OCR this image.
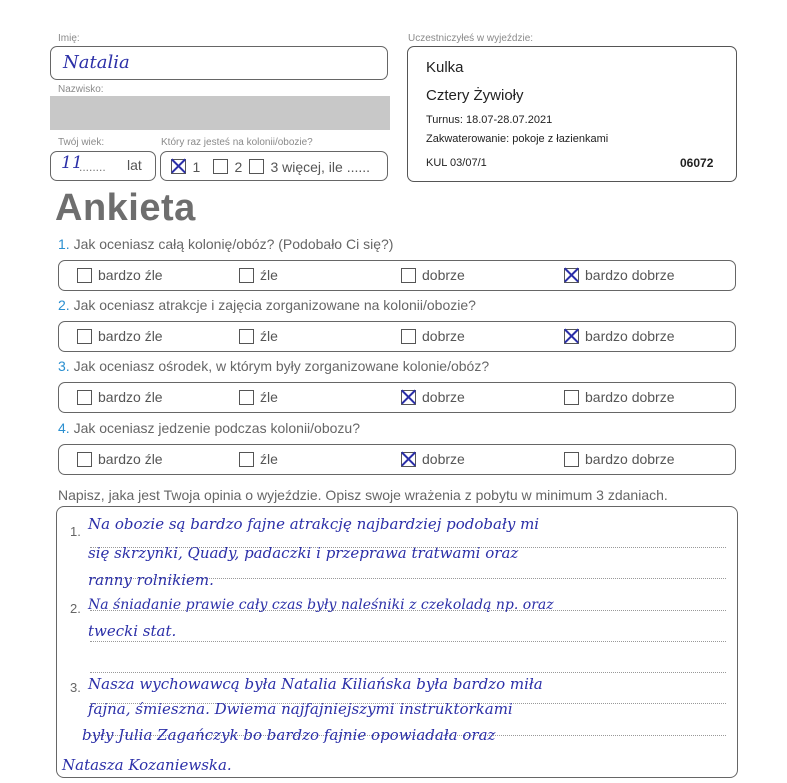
Imię:
Natalia
Nazwisko:
Twój wiek:
11
........ lat
Który raz jesteś na kolonii/obozie?
1	2	3 więcej, ile ......
Uczestniczyłeś w wyjeździe:
Kulka
Cztery Żywioły
Turnus: 18.07-28.07.2021
Zakwaterowanie: pokoje z łazienkami
KUL 03/07/1	06072
Ankieta
1. Jak oceniasz całą kolonię/obóz? (Podobało Ci się?)
bardzo źle	źle	dobrze	bardzo dobrze
2. Jak oceniasz atrakcje i zajęcia zorganizowane na kolonii/obozie?
bardzo źle	źle	dobrze	bardzo dobrze
3. Jak oceniasz ośrodek, w którym były zorganizowane kolonie/obóz?
bardzo źle	źle	dobrze	bardzo dobrze
4. Jak oceniasz jedzenie podczas kolonii/obozu?
bardzo źle	źle	dobrze	bardzo dobrze
Napisz, jaka jest Twoja opinia o wyjeździe. Opisz swoje wrażenia z pobytu w minimum 3 zdaniach.
1.
2.
3.
Na obozie są bardzo fajne atrakcję najbardziej podobały mi
się skrzynki, Quady, padaczki i przeprawa tratwami oraz
ranny rolnikiem.
Na śniadanie prawie cały czas były naleśniki z czekoladą np. oraz
twecki stat.
Nasza wychowawcą była Natalia Kiliańska była bardzo miła
fajna, śmieszna. Dwiema najfajniejszymi instruktorkami
były Julia Zagańczyk bo bardzo fajnie opowiadała oraz
Natasza Kozaniewska.
